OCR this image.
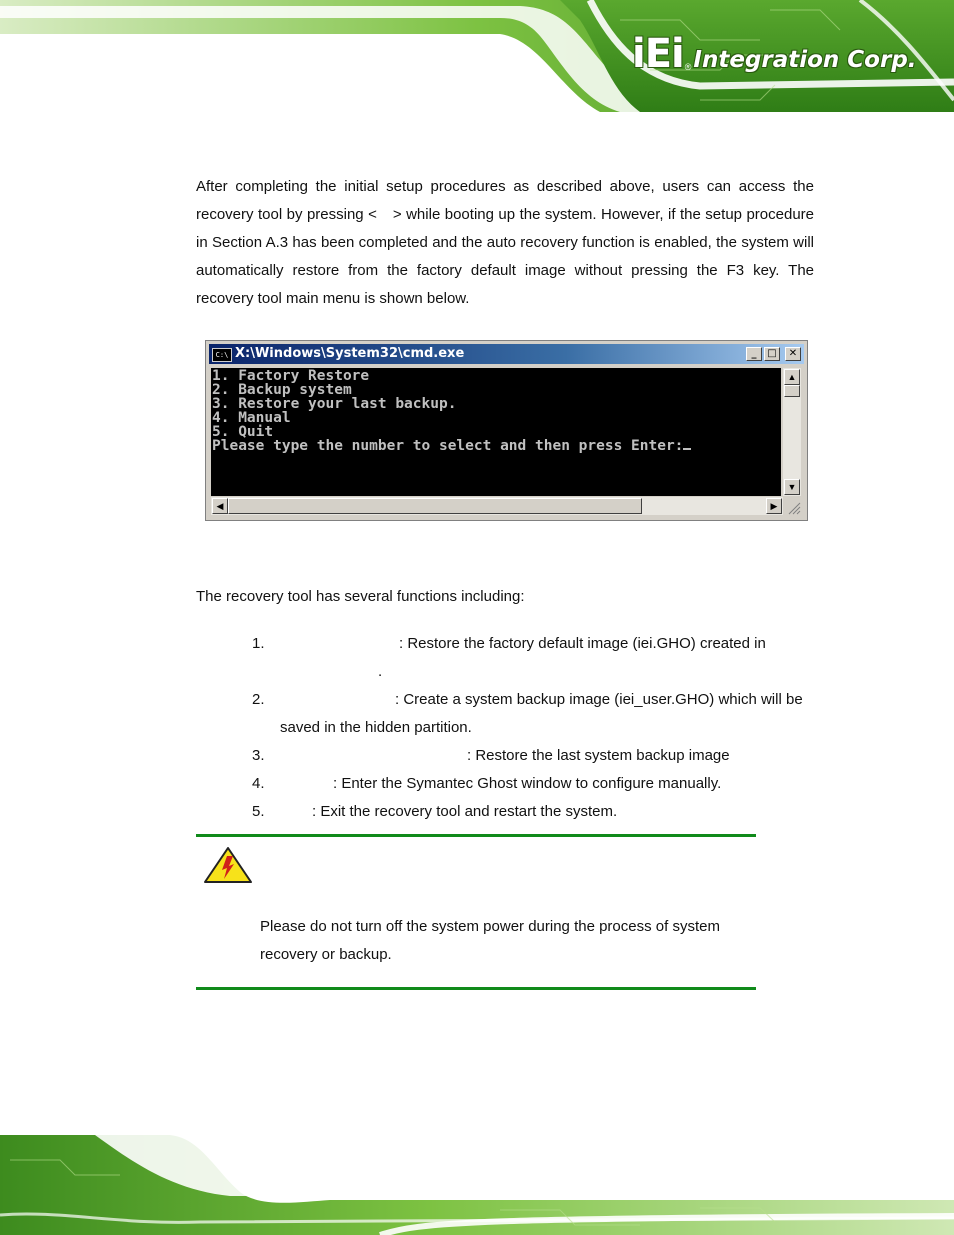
iEi ® Integration Corp.

After completing the initial setup procedures as described above, users can access the recovery tool by pressing < > while booting up the system. However, if the setup procedure in Section A.3 has been completed and the auto recovery function is enabled, the system will automatically restore from the factory default image without pressing the F3 key. The recovery tool main menu is shown below.

C:\ X:\Windows\System32\cmd.exe	_	□	✕
1. Factory Restore
2. Backup system
3. Restore your last backup.
4. Manual
5. Quit
Please type the number to select and then press Enter:
▲
▼
◀	▶

The recovery tool has several functions including:

1.	: Restore the factory default image (iei.GHO) created in
.
2.	: Create a system backup image (iei_user.GHO) which will be
saved in the hidden partition.
3.	: Restore the last system backup image
4.	: Enter the Symantec Ghost window to configure manually.
5.	: Exit the recovery tool and restart the system.

Please do not turn off the system power during the process of system recovery or backup.
